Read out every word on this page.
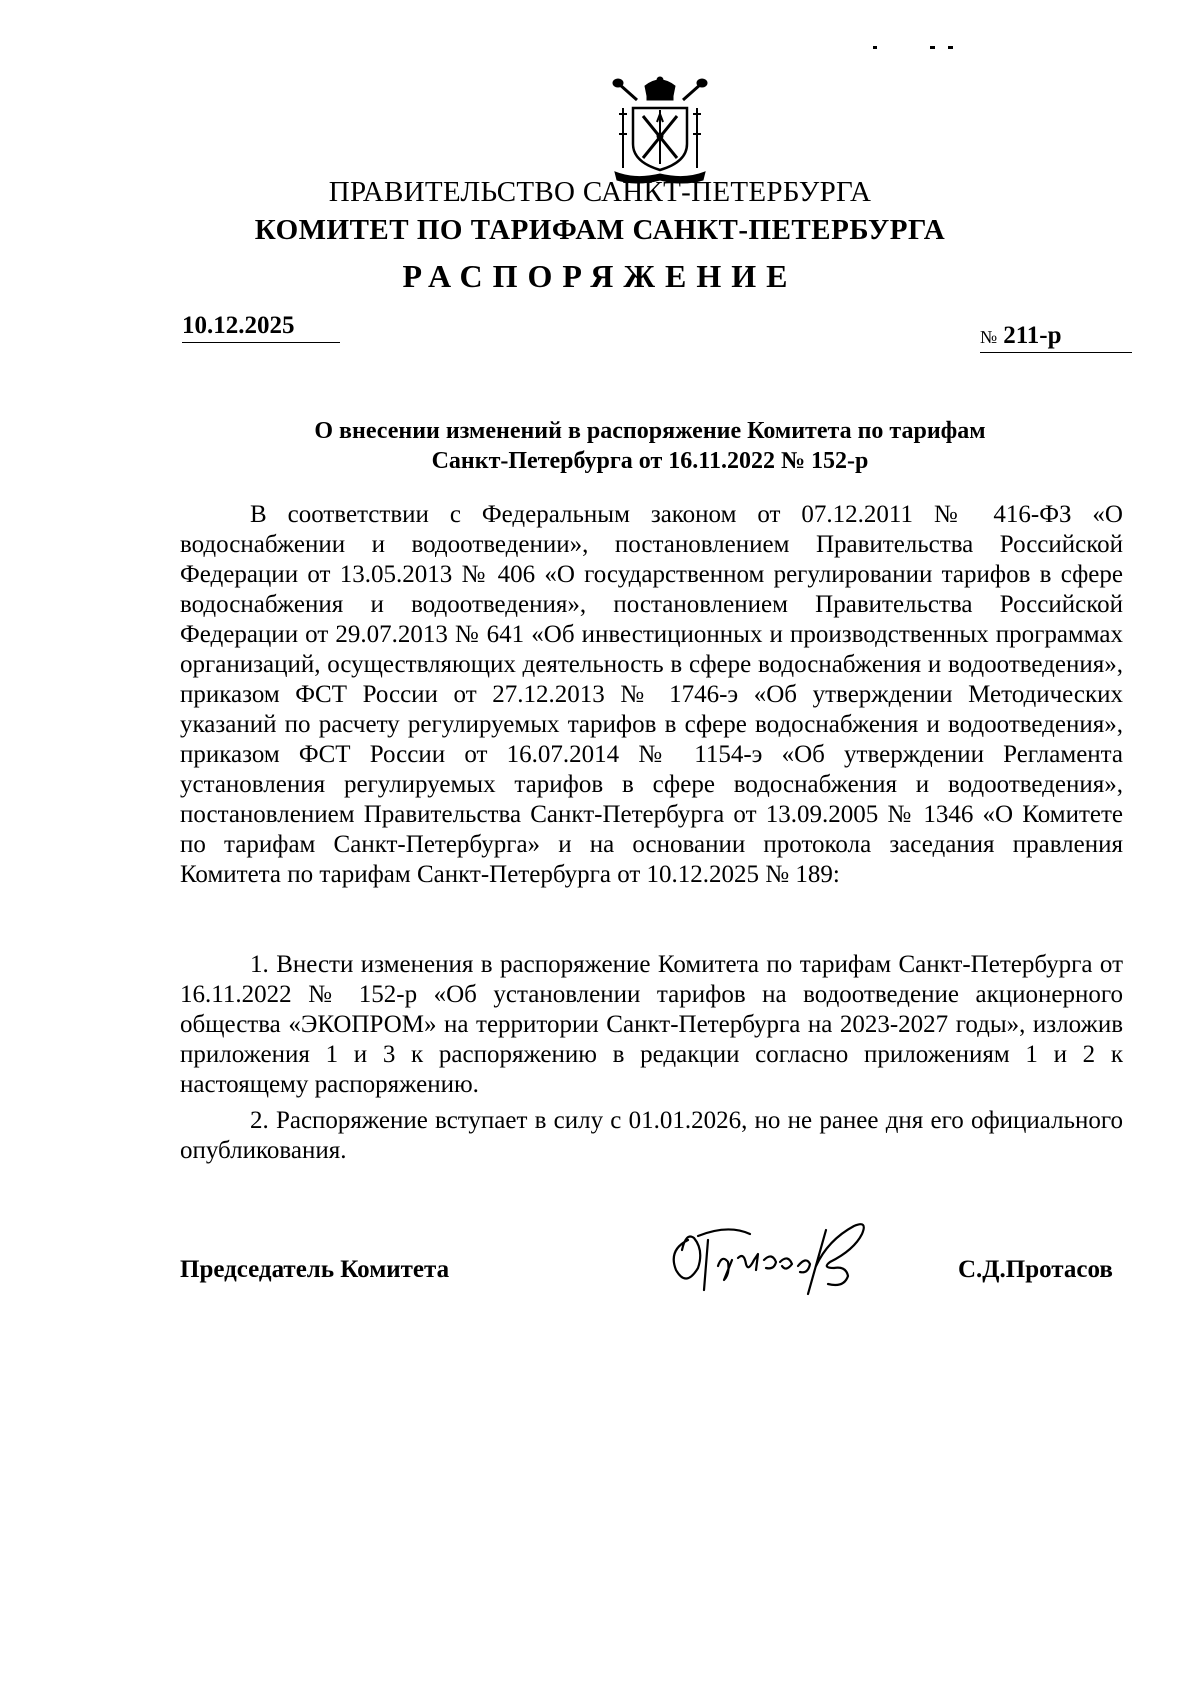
ПРАВИТЕЛЬСТВО САНКТ-ПЕТЕРБУРГА
КОМИТЕТ ПО ТАРИФАМ САНКТ-ПЕТЕРБУРГА
РАСПОРЯЖЕНИЕ
10.12.2025	№ 211-р
О внесении изменений в распоряжение Комитета по тарифам
Санкт-Петербурга от 16.11.2022 № 152-р

В соответствии с Федеральным законом от 07.12.2011 № 416-ФЗ «О водоснабжении и водоотведении», постановлением Правительства Российской Федерации от 13.05.2013 № 406 «О государственном регулировании тарифов в сфере водоснабжения и водоотведения», постановлением Правительства Российской Федерации от 29.07.2013 № 641 «Об инвестиционных и производственных программах организаций, осуществляющих деятельность в сфере водоснабжения и водоотведения», приказом ФСТ России от 27.12.2013 № 1746-э «Об утверждении Методических указаний по расчету регулируемых тарифов в сфере водоснабжения и водоотведения», приказом ФСТ России от 16.07.2014 № 1154-э «Об утверждении Регламента установления регулируемых тарифов в сфере водоснабжения и водоотведения», постановлением Правительства Санкт-Петербурга от 13.09.2005 № 1346 «О Комитете по тарифам Санкт-Петербурга» и на основании протокола заседания правления Комитета по тарифам Санкт-Петербурга от 10.12.2025 № 189:

1. Внести изменения в распоряжение Комитета по тарифам Санкт-Петербурга от 16.11.2022 № 152-р «Об установлении тарифов на водоотведение акционерного общества «ЭКОПРОМ» на территории Санкт-Петербурга на 2023-2027 годы», изложив приложения 1 и 3 к распоряжению в редакции согласно приложениям 1 и 2 к настоящему распоряжению.

2. Распоряжение вступает в силу с 01.01.2026, но не ранее дня его официального опубликования.

Председатель Комитета	С.Д.Протасов
